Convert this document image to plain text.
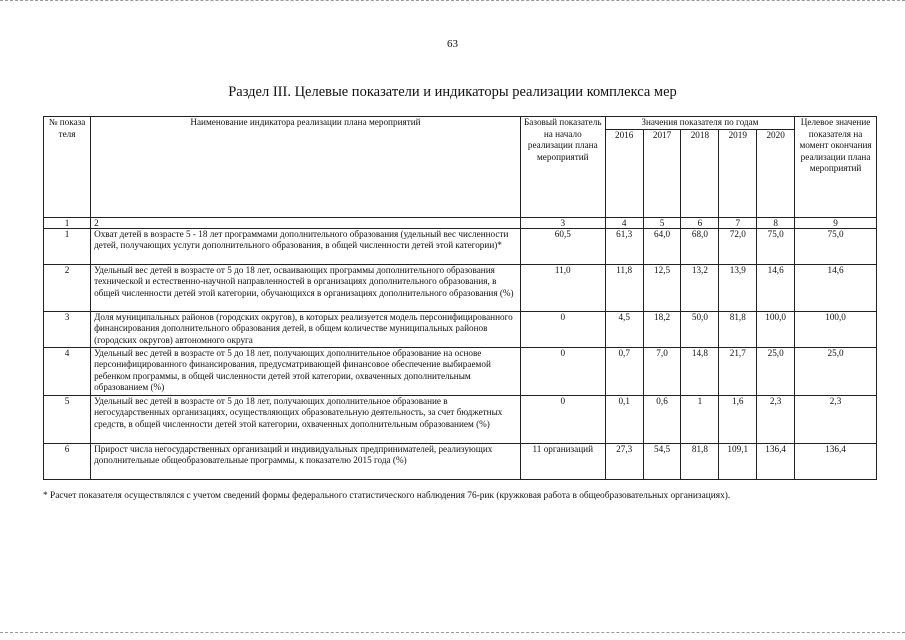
63
Раздел III. Целевые показатели и индикаторы реализации комплекса мер
№ показа теля	Наименование индикатора реализации плана мероприятий	Базовый показатель на начало реализации плана мероприятий	Значения показателя по годам					Целевое значение показателя на момент окончания реализации плана мероприятий
			2016	2017	2018	2019	2020	
1	2	3	4	5	6	7	8	9
1	Охват детей в возрасте 5 - 18 лет программами дополнительного образования (удельный вес численности детей, получающих услуги дополнительного образования, в общей численности детей этой категории)*	60,5	61,3	64,0	68,0	72,0	75,0	75,0
2	Удельный вес детей в возрасте от 5 до 18 лет, осваивающих программы дополнительного образования технической и естественно-научной направленностей в организациях дополнительного образования, в общей численности детей этой категории, обучающихся в организациях дополнительного образования (%)	11,0	11,8	12,5	13,2	13,9	14,6	14,6
3	Доля муниципальных районов (городских округов), в которых реализуется модель персонифицированного финансирования дополнительного образования детей, в общем количестве муниципальных районов (городских округов) автономного округа	0	4,5	18,2	50,0	81,8	100,0	100,0
4	Удельный вес детей в возрасте от 5 до 18 лет, получающих дополнительное образование на основе персонифицированного финансирования, предусматривающей финансовое обеспечение выбираемой ребенком программы, в общей численности детей этой категории, охваченных дополнительным образованием (%)	0	0,7	7,0	14,8	21,7	25,0	25,0
5	Удельный вес детей в возрасте от 5 до 18 лет, получающих дополнительное образование в негосударственных организациях, осуществляющих образовательную деятельность, за счет бюджетных средств, в общей численности детей этой категории, охваченных дополнительным образованием (%)	0	0,1	0,6	1	1,6	2,3	2,3
6	Прирост числа негосударственных организаций и индивидуальных предпринимателей, реализующих дополнительные общеобразовательные программы, к показателю 2015 года (%)	11 организаций	27,3	54,5	81,8	109,1	136,4	136,4
* Расчет показателя осуществлялся с учетом сведений формы федерального статистического наблюдения 76-рик (кружковая работа в общеобразовательных организациях).
